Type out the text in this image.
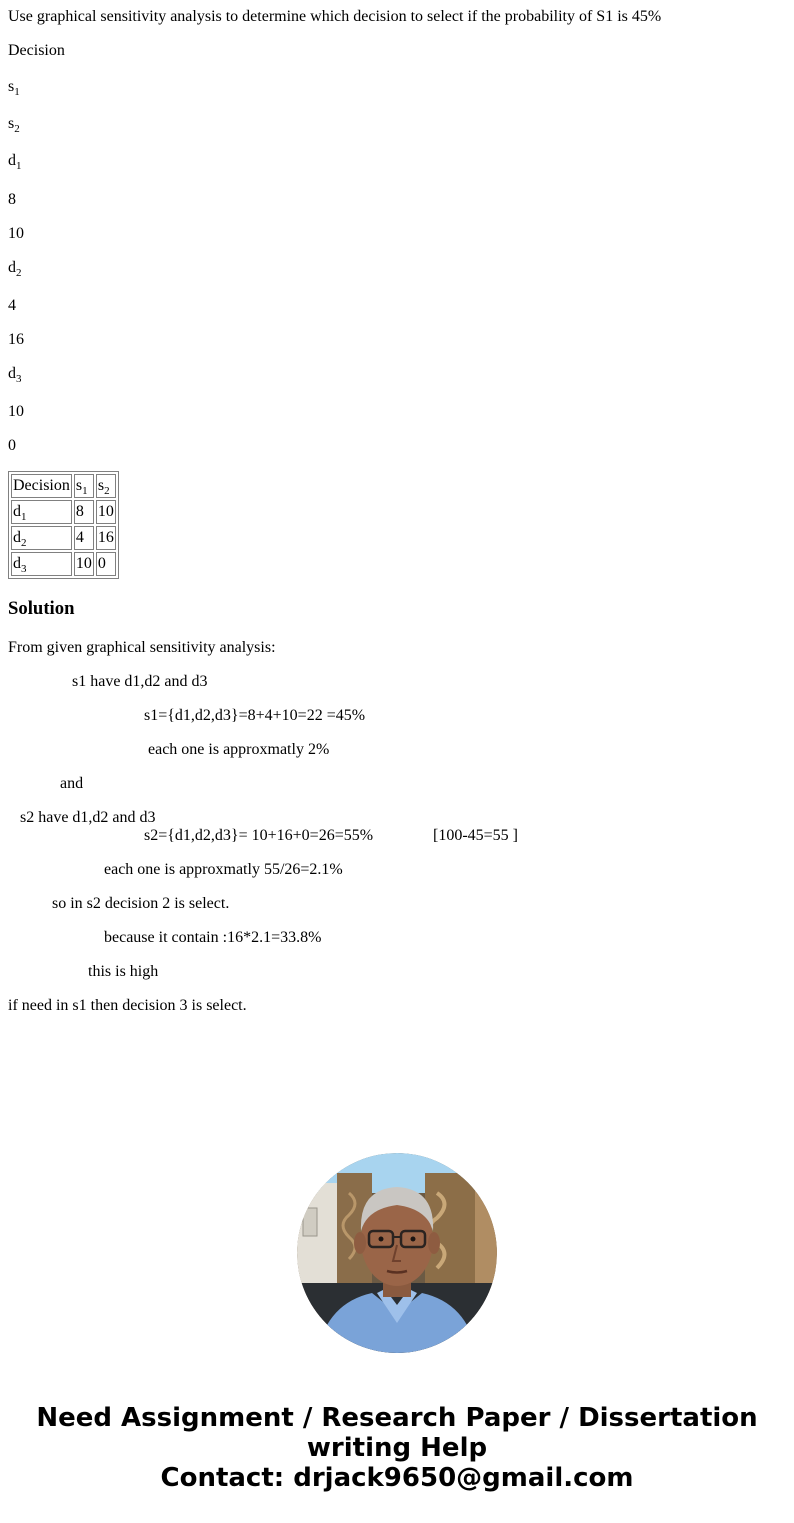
Use graphical sensitivity analysis to determine which decision to select if the probability of S1 is 45%
Decision
$s_1$
$s_2$
$d_1$
8
10
$d_2$
4
16
$d_3$
10
0
Decision	$s_1$	$s_2$
$d_1$	8	10
$d_2$	4	16
$d_3$	10	0
Solution
From given graphical sensitivity analysis:
s1 have d1,d2 and d3
s1={d1,d2,d3}=8+4+10=22 =45%
each one is approxmatly 2%
and
s2 have d1,d2 and d3
s2={d1,d2,d3}= 10+16+0=26=55%	[100-45=55 ]
each one is approxmatly 55/26=2.1%
so in s2 decision 2 is select.
because it contain :16*2.1=33.8%
this is high
if need in s1 then decision 3 is select.
Need Assignment / Research Paper / Dissertation
writing Help
Contact: drjack9650@gmail.com
